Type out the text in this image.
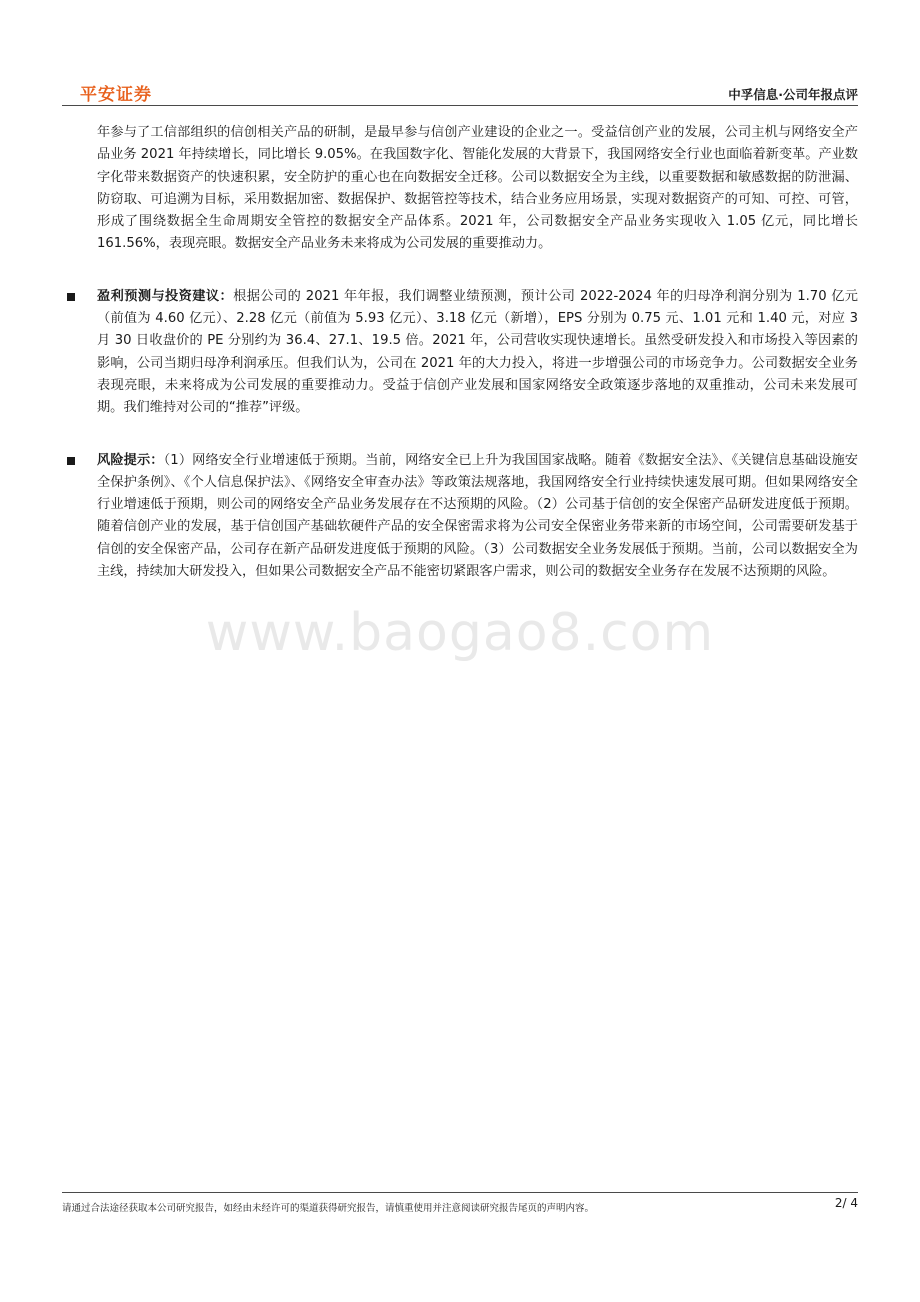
平安证券	中孚信息·公司年报点评

年参与了工信部组织的信创相关产品的研制，是最早参与信创产业建设的企业之一。受益信创产业的发展，公司主机与网络安全产品业务 2021 年持续增长，同比增长 9.05%。在我国数字化、智能化发展的大背景下，我国网络安全行业也面临着新变革。产业数字化带来数据资产的快速积累，安全防护的重心也在向数据安全迁移。公司以数据安全为主线，以重要数据和敏感数据的防泄漏、防窃取、可追溯为目标，采用数据加密、数据保护、数据管控等技术，结合业务应用场景，实现对数据资产的可知、可控、可管，形成了围绕数据全生命周期安全管控的数据安全产品体系。2021 年，公司数据安全产品业务实现收入 1.05 亿元，同比增长 161.56%，表现亮眼。数据安全产品业务未来将成为公司发展的重要推动力。

盈利预测与投资建议：根据公司的 2021 年年报，我们调整业绩预测，预计公司 2022-2024 年的归母净利润分别为 1.70 亿元（前值为 4.60 亿元）、2.28 亿元（前值为 5.93 亿元）、3.18 亿元（新增），EPS 分别为 0.75 元、1.01 元和 1.40 元，对应 3 月 30 日收盘价的 PE 分别约为 36.4、27.1、19.5 倍。2021 年，公司营收实现快速增长。虽然受研发投入和市场投入等因素的影响，公司当期归母净利润承压。但我们认为，公司在 2021 年的大力投入，将进一步增强公司的市场竞争力。公司数据安全业务表现亮眼，未来将成为公司发展的重要推动力。受益于信创产业发展和国家网络安全政策逐步落地的双重推动，公司未来发展可期。我们维持对公司的“推荐”评级。

风险提示：（1）网络安全行业增速低于预期。当前，网络安全已上升为我国国家战略。随着《数据安全法》、《关键信息基础设施安全保护条例》、《个人信息保护法》、《网络安全审查办法》等政策法规落地，我国网络安全行业持续快速发展可期。但如果网络安全行业增速低于预期，则公司的网络安全产品业务发展存在不达预期的风险。（2）公司基于信创的安全保密产品研发进度低于预期。随着信创产业的发展，基于信创国产基础软硬件产品的安全保密需求将为公司安全保密业务带来新的市场空间，公司需要研发基于信创的安全保密产品，公司存在新产品研发进度低于预期的风险。（3）公司数据安全业务发展低于预期。当前，公司以数据安全为主线，持续加大研发投入，但如果公司数据安全产品不能密切紧跟客户需求，则公司的数据安全业务存在发展不达预期的风险。

www.baogao8.com
请通过合法途径获取本公司研究报告，如经由未经许可的渠道获得研究报告，请慎重使用并注意阅读研究报告尾页的声明内容。	2/ 4
